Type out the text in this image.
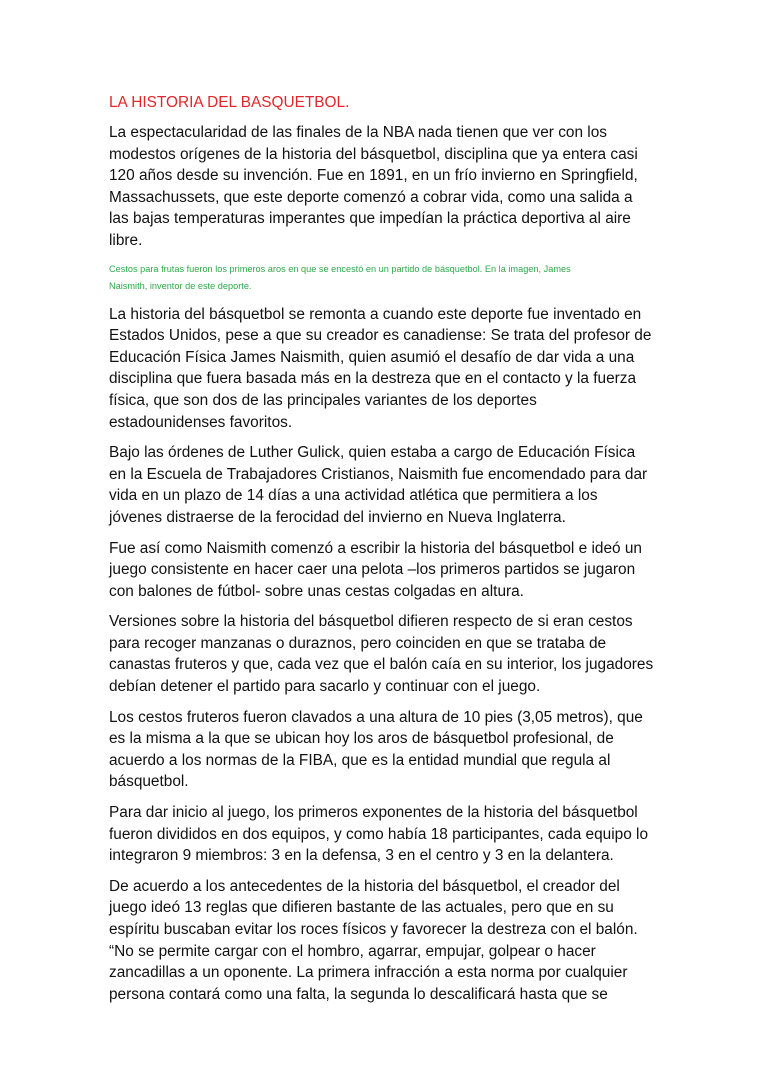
LA HISTORIA DEL BASQUETBOL.
La espectacularidad de las finales de la NBA nada tienen que ver con los
modestos orígenes de la historia del básquetbol, disciplina que ya entera casi
120 años desde su invención. Fue en 1891, en un frío invierno en Springfield,
Massachussets, que este deporte comenzó a cobrar vida, como una salida a
las bajas temperaturas imperantes que impedían la práctica deportiva al aire
libre.
Cestos para frutas fueron los primeros aros en que se encestó en un partido de básquetbol. En la imagen, James
Naismith, inventor de este deporte.
La historia del básquetbol se remonta a cuando este deporte fue inventado en
Estados Unidos, pese a que su creador es canadiense: Se trata del profesor de
Educación Física James Naismith, quien asumió el desafío de dar vida a una
disciplina que fuera basada más en la destreza que en el contacto y la fuerza
física, que son dos de las principales variantes de los deportes
estadounidenses favoritos.
Bajo las órdenes de Luther Gulick, quien estaba a cargo de Educación Física
en la Escuela de Trabajadores Cristianos, Naismith fue encomendado para dar
vida en un plazo de 14 días a una actividad atlética que permitiera a los
jóvenes distraerse de la ferocidad del invierno en Nueva Inglaterra.
Fue así como Naismith comenzó a escribir la historia del básquetbol e ideó un
juego consistente en hacer caer una pelota –los primeros partidos se jugaron
con balones de fútbol- sobre unas cestas colgadas en altura.
Versiones sobre la historia del básquetbol difieren respecto de si eran cestos
para recoger manzanas o duraznos, pero coinciden en que se trataba de
canastas fruteros y que, cada vez que el balón caía en su interior, los jugadores
debían detener el partido para sacarlo y continuar con el juego.
Los cestos fruteros fueron clavados a una altura de 10 pies (3,05 metros), que
es la misma a la que se ubican hoy los aros de básquetbol profesional, de
acuerdo a los normas de la FIBA, que es la entidad mundial que regula al
básquetbol.
Para dar inicio al juego, los primeros exponentes de la historia del básquetbol
fueron divididos en dos equipos, y como había 18 participantes, cada equipo lo
integraron 9 miembros: 3 en la defensa, 3 en el centro y 3 en la delantera.
De acuerdo a los antecedentes de la historia del básquetbol, el creador del
juego ideó 13 reglas que difieren bastante de las actuales, pero que en su
espíritu buscaban evitar los roces físicos y favorecer la destreza con el balón.
“No se permite cargar con el hombro, agarrar, empujar, golpear o hacer
zancadillas a un oponente. La primera infracción a esta norma por cualquier
persona contará como una falta, la segunda lo descalificará hasta que se
